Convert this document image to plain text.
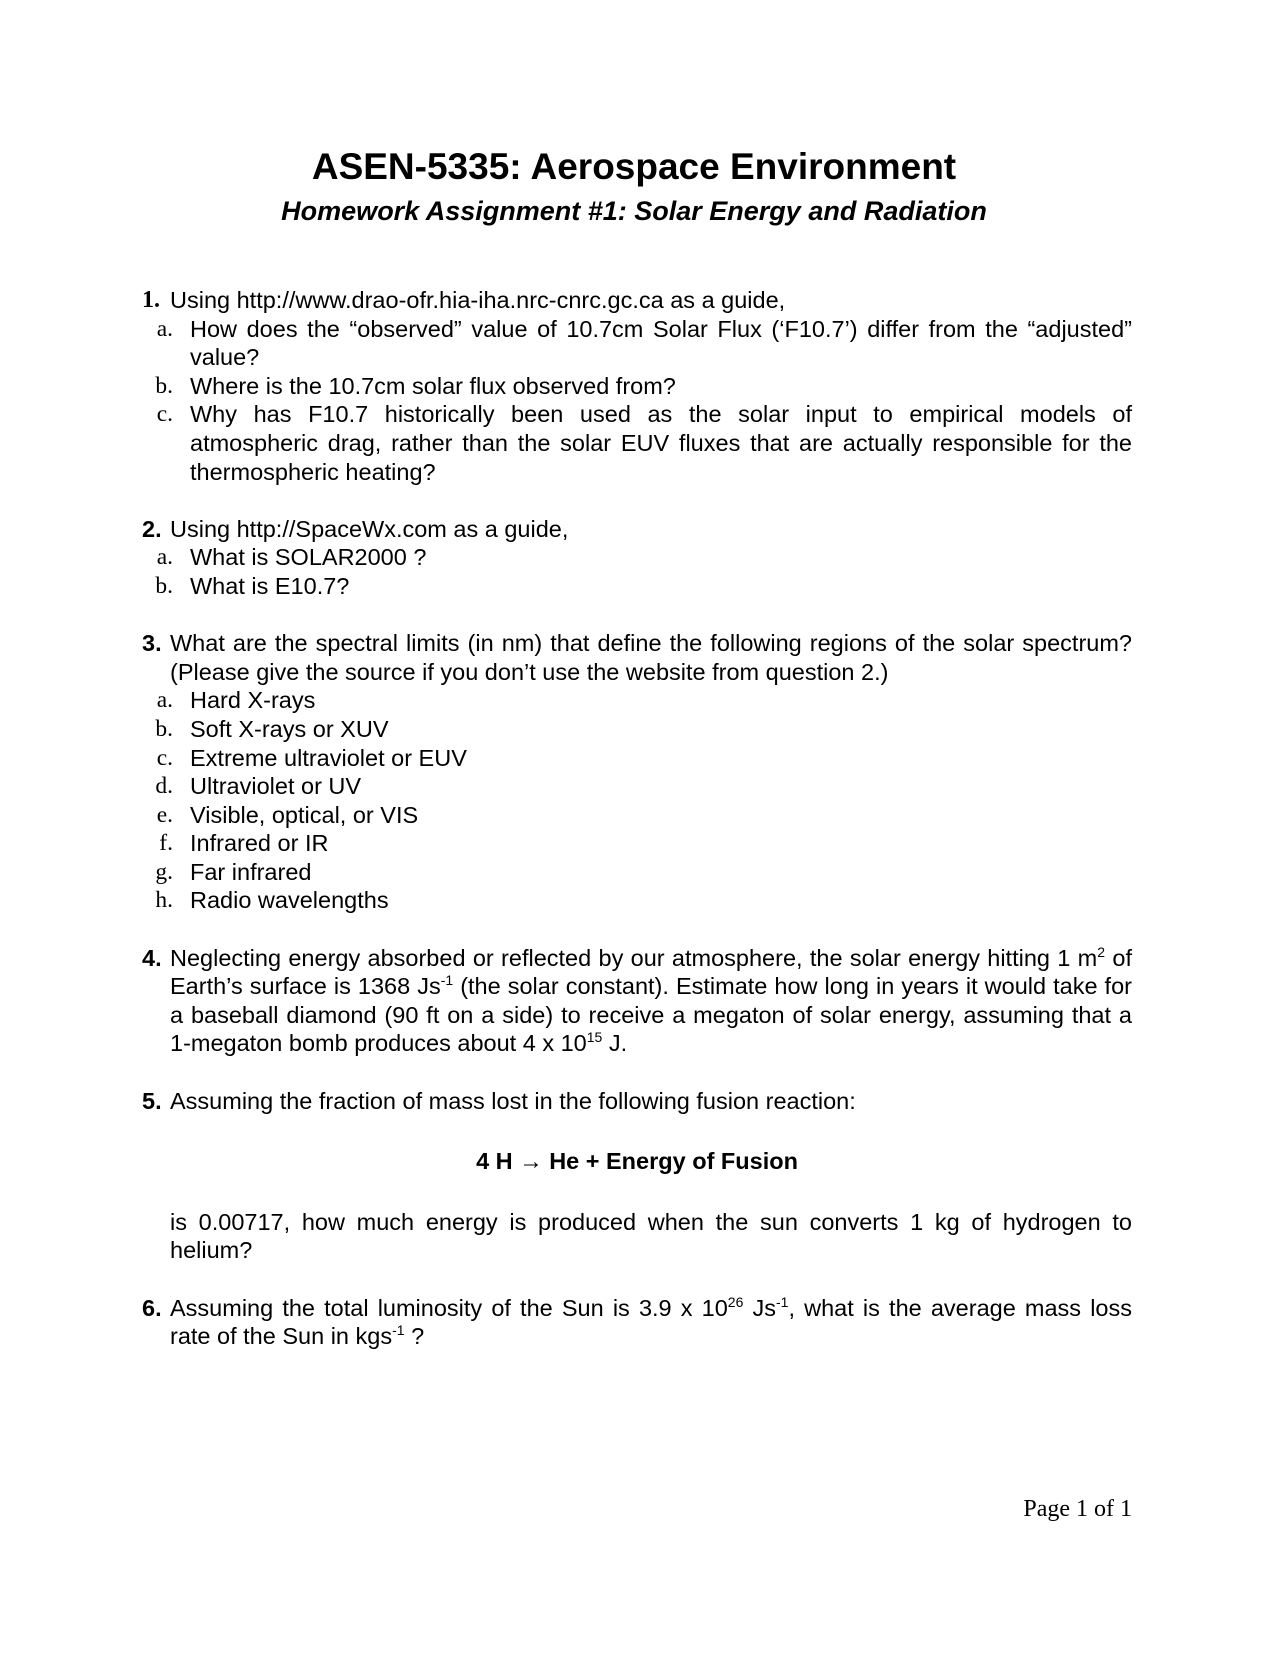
ASEN-5335: Aerospace Environment
Homework Assignment #1: Solar Energy and Radiation
1. Using http://www.drao-ofr.hia-iha.nrc-cnrc.gc.ca as a guide,
a. How does the “observed” value of 10.7cm Solar Flux (‘F10.7’) differ from the “adjusted” value?
b. Where is the 10.7cm solar flux observed from?
c. Why has F10.7 historically been used as the solar input to empirical models of atmospheric drag, rather than the solar EUV fluxes that are actually responsible for the thermospheric heating?
2. Using http://SpaceWx.com as a guide,
a. What is SOLAR2000 ?
b. What is E10.7?
3. What are the spectral limits (in nm) that define the following regions of the solar spectrum? (Please give the source if you don’t use the website from question 2.)
a. Hard X-rays
b. Soft X-rays or XUV
c. Extreme ultraviolet or EUV
d. Ultraviolet or UV
e. Visible, optical, or VIS
f. Infrared or IR
g. Far infrared
h. Radio wavelengths
4. Neglecting energy absorbed or reflected by our atmosphere, the solar energy hitting 1 $m^2$ of Earth’s surface is 1368 $Js^{-1}$ (the solar constant). Estimate how long in years it would take for a baseball diamond (90 ft on a side) to receive a megaton of solar energy, assuming that a 1-megaton bomb produces about 4 x $10^{15}$ J.
5. Assuming the fraction of mass lost in the following fusion reaction:
4 H → He + Energy of Fusion
is 0.00717, how much energy is produced when the sun converts 1 kg of hydrogen to helium?
6. Assuming the total luminosity of the Sun is 3.9 x $10^{26}$ $Js^{-1}$, what is the average mass loss rate of the Sun in kgs$^{-1}$ ?
Page 1 of 1
